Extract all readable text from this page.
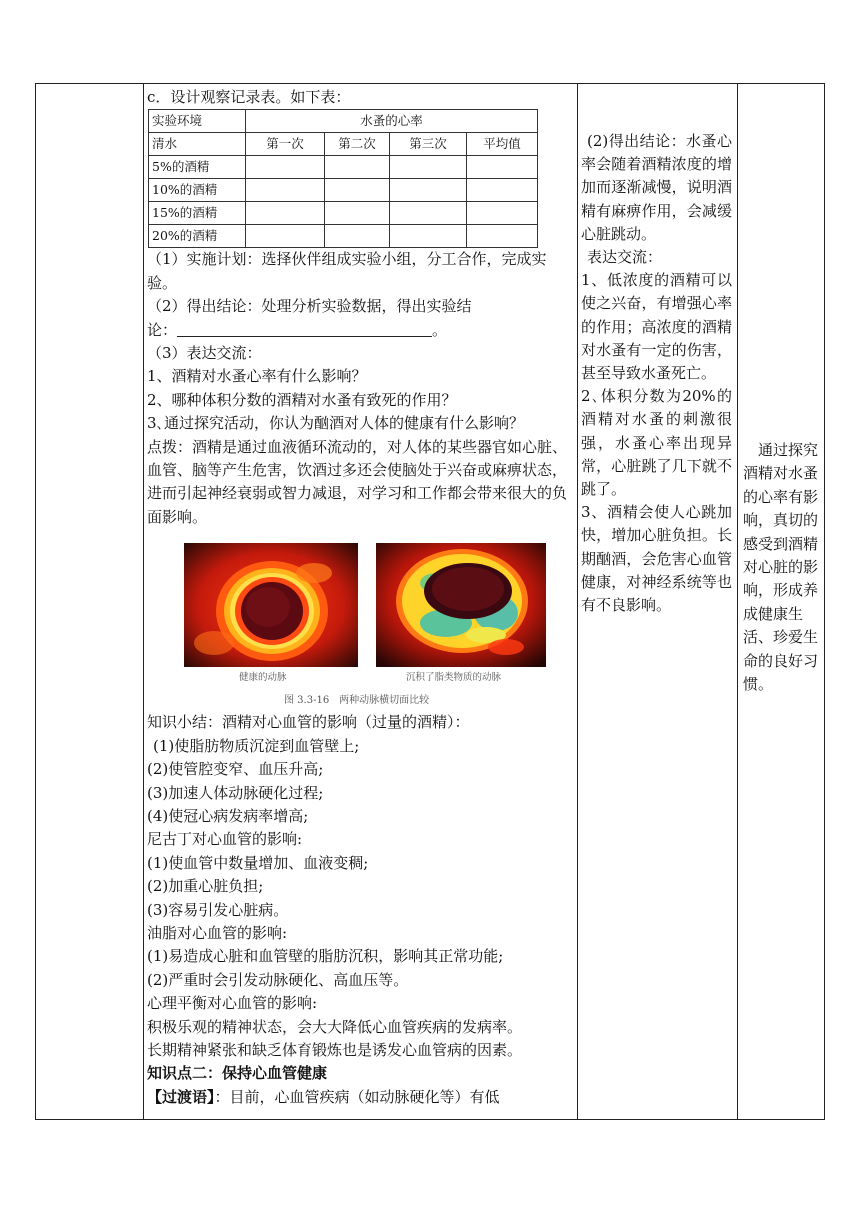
c．设计观察记录表。如下表：

实验环境	水蚤的心率			
清水	第一次	第二次	第三次	平均值
5%的酒精				
10%的酒精				
15%的酒精				
20%的酒精				

（1）实施计划：选择伙伴组成实验小组，分工合作，完成实验。

（2）得出结论：处理分析实验数据，得出实验结

论：	。

（3）表达交流：

1、酒精对水蚤心率有什么影响？

2、哪种体积分数的酒精对水蚤有致死的作用？

3､通过探究活动，你认为酗酒对人体的健康有什么影响？

点拨：酒精是通过血液循环流动的，对人体的某些器官如心脏、血管、脑等产生危害，饮酒过多还会使脑处于兴奋或麻痹状态，进而引起神经衰弱或智力减退，对学习和工作都会带来很大的负面影响。

健康的动脉	沉积了脂类物质的动脉
图 3.3-16　两种动脉横切面比较

知识小结：酒精对心血管的影响（过量的酒精）：

(1)使脂肪物质沉淀到血管壁上;

(2)使管腔变窄、血压升高;

(3)加速人体动脉硬化过程;

(4)使冠心病发病率增高;

尼古丁对心血管的影响:

(1)使血管中数量增加、血液变稠;

(2)加重心脏负担;

(3)容易引发心脏病。

油脂对心血管的影响:

(1)易造成心脏和血管壁的脂肪沉积，影响其正常功能;

(2)严重时会引发动脉硬化、高血压等。

心理平衡对心血管的影响:

积极乐观的精神状态，会大大降低心血管疾病的发病率。

长期精神紧张和缺乏体育锻炼也是诱发心血管病的因素。

知识点二：保持心血管健康

【过渡语】：目前，心血管疾病（如动脉硬化等）有低

(2)得出结论：水蚤心率会随着酒精浓度的增加而逐渐减慢，说明酒精有麻痹作用，会减缓心脏跳动。

表达交流：

1、低浓度的酒精可以使之兴奋，有增强心率的作用；高浓度的酒精对水蚤有一定的伤害，甚至导致水蚤死亡。

2､体积分数为20%的酒精对水蚤的刺激很强，水蚤心率出现异常，心脏跳了几下就不跳了。

3、酒精会使人心跳加快，增加心脏负担。长期酗酒，会危害心血管健康，对神经系统等也有不良影响。

通过探究酒精对水蚤的心率有影响，真切的感受到酒精对心脏的影响，形成养成健康生活、珍爱生命的良好习惯。
